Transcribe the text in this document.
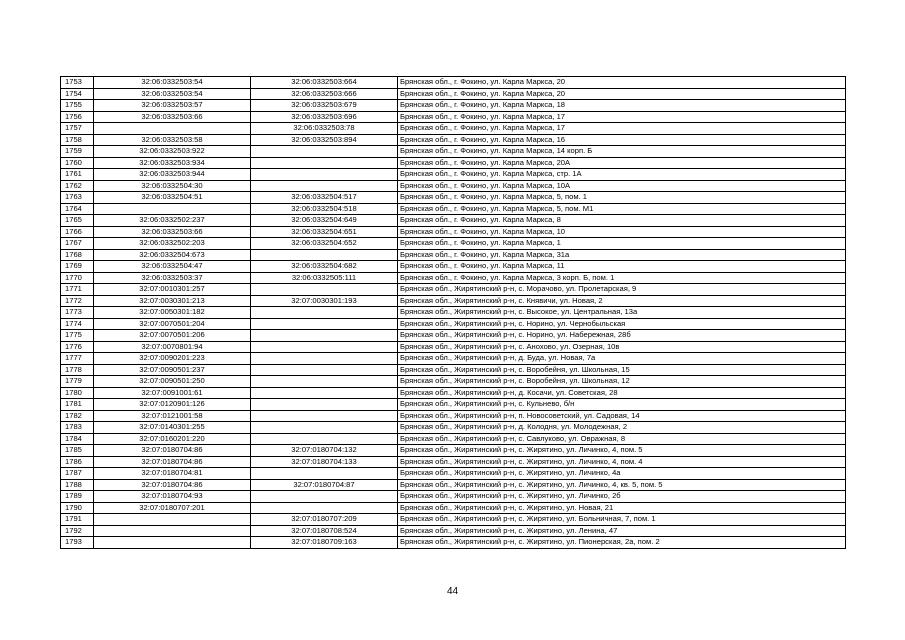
1753	32:06:0332503:54	32:06:0332503:664	Брянская обл., г. Фокино, ул. Карла Маркса, 20
1754	32:06:0332503:54	32:06:0332503:666	Брянская обл., г. Фокино, ул. Карла Маркса, 20
1755	32:06:0332503:57	32:06:0332503:679	Брянская обл., г. Фокино, ул. Карла Маркса, 18
1756	32:06:0332503:66	32:06:0332503:696	Брянская обл., г. Фокино, ул. Карла Маркса, 17
1757		32:06:0332503:78	Брянская обл., г. Фокино, ул. Карла Маркса, 17
1758	32:06:0332503:58	32:06:0332503:894	Брянская обл., г. Фокино, ул. Карла Маркса, 16
1759	32:06:0332503:922		Брянская обл., г. Фокино, ул. Карла Маркса, 14 корп. Б
1760	32:06:0332503:934		Брянская обл., г. Фокино, ул. Карла Маркса, 20А
1761	32:06:0332503:944		Брянская обл., г. Фокино, ул. Карла Маркса, стр. 1А
1762	32:06:0332504:30		Брянская обл., г. Фокино, ул. Карла Маркса, 10А
1763	32:06:0332504:51	32:06:0332504:517	Брянская обл., г. Фокино, ул. Карла Маркса, 5, пом. 1
1764		32:06:0332504:518	Брянская обл., г. Фокино, ул. Карла Маркса, 5, пом. М1
1765	32:06:0332502:237	32:06:0332504:649	Брянская обл., г. Фокино, ул. Карла Маркса, 8
1766	32:06:0332503:66	32:06:0332504:651	Брянская обл., г. Фокино, ул. Карла Маркса, 10
1767	32:06:0332502:203	32:06:0332504:652	Брянская обл., г. Фокино, ул. Карла Маркса, 1
1768	32:06:0332504:673		Брянская обл., г. Фокино, ул. Карла Маркса, 31а
1769	32:06:0332504:47	32:06:0332504:682	Брянская обл., г. Фокино, ул. Карла Маркса, 11
1770	32:06:0332503:37	32:06:0332505:111	Брянская обл., г. Фокино, ул. Карла Маркса, 3 корп. Б, пом. 1
1771	32:07:0010301:257		Брянская обл., Жирятинский р-н, с. Морачово, ул. Пролетарская, 9
1772	32:07:0030301:213	32:07:0030301:193	Брянская обл., Жирятинский р-н, с. Княвичи, ул. Новая, 2
1773	32:07:0050301:182		Брянская обл., Жирятинский р-н, с. Высокое, ул. Центральная, 13а
1774	32:07:0070501:204		Брянская обл., Жирятинский р-н, с. Норино, ул. Чернобыльская
1775	32:07:0070501:206		Брянская обл., Жирятинский р-н, с. Норино, ул. Набережная, 28б
1776	32:07:0070801:94		Брянская обл., Жирятинский р-н, с. Анохово, ул. Озерная, 10в
1777	32:07:0090201:223		Брянская обл., Жирятинский р-н, д. Буда, ул. Новая, 7а
1778	32:07:0090501:237		Брянская обл., Жирятинский р-н, с. Воробейня, ул. Школьная, 15
1779	32:07:0090501:250		Брянская обл., Жирятинский р-н, с. Воробейня, ул. Школьная, 12
1780	32:07:0091001:61		Брянская обл., Жирятинский р-н, д. Косачи, ул. Советская, 28
1781	32:07:0120901:126		Брянская обл., Жирятинский р-н, с. Кульнево, б/н
1782	32:07:0121001:58		Брянская обл., Жирятинский р-н, п. Новосоветский, ул. Садовая, 14
1783	32:07:0140301:255		Брянская обл., Жирятинский р-н, д. Колодня, ул. Молодежная, 2
1784	32:07:0160201:220		Брянская обл., Жирятинский р-н, с. Савлуково, ул. Овражная, 8
1785	32:07:0180704:86	32:07:0180704:132	Брянская обл., Жирятинский р-н, с. Жирятино, ул. Личинко, 4, пом. 5
1786	32:07:0180704:86	32:07:0180704:133	Брянская обл., Жирятинский р-н, с. Жирятино, ул. Личинко, 4, пом. 4
1787	32:07:0180704:81		Брянская обл., Жирятинский р-н, с. Жирятино, ул. Личинко, 4а
1788	32:07:0180704:86	32:07:0180704:87	Брянская обл., Жирятинский р-н, с. Жирятино, ул. Личинко, 4, кв. 5, пом. 5
1789	32:07:0180704:93		Брянская обл., Жирятинский р-н, с. Жирятино, ул. Личинко, 2б
1790	32:07:0180707:201		Брянская обл., Жирятинский р-н, с. Жирятино, ул. Новая, 21
1791		32:07:0180707:209	Брянская обл., Жирятинский р-н, с. Жирятино, ул. Больничная, 7, пом. 1
1792		32:07:0180708:524	Брянская обл., Жирятинский р-н, с. Жирятино, ул. Ленина, 47
1793		32:07:0180709:163	Брянская обл., Жирятинский р-н, с. Жирятино, ул. Пионерская, 2а, пом. 2
44
